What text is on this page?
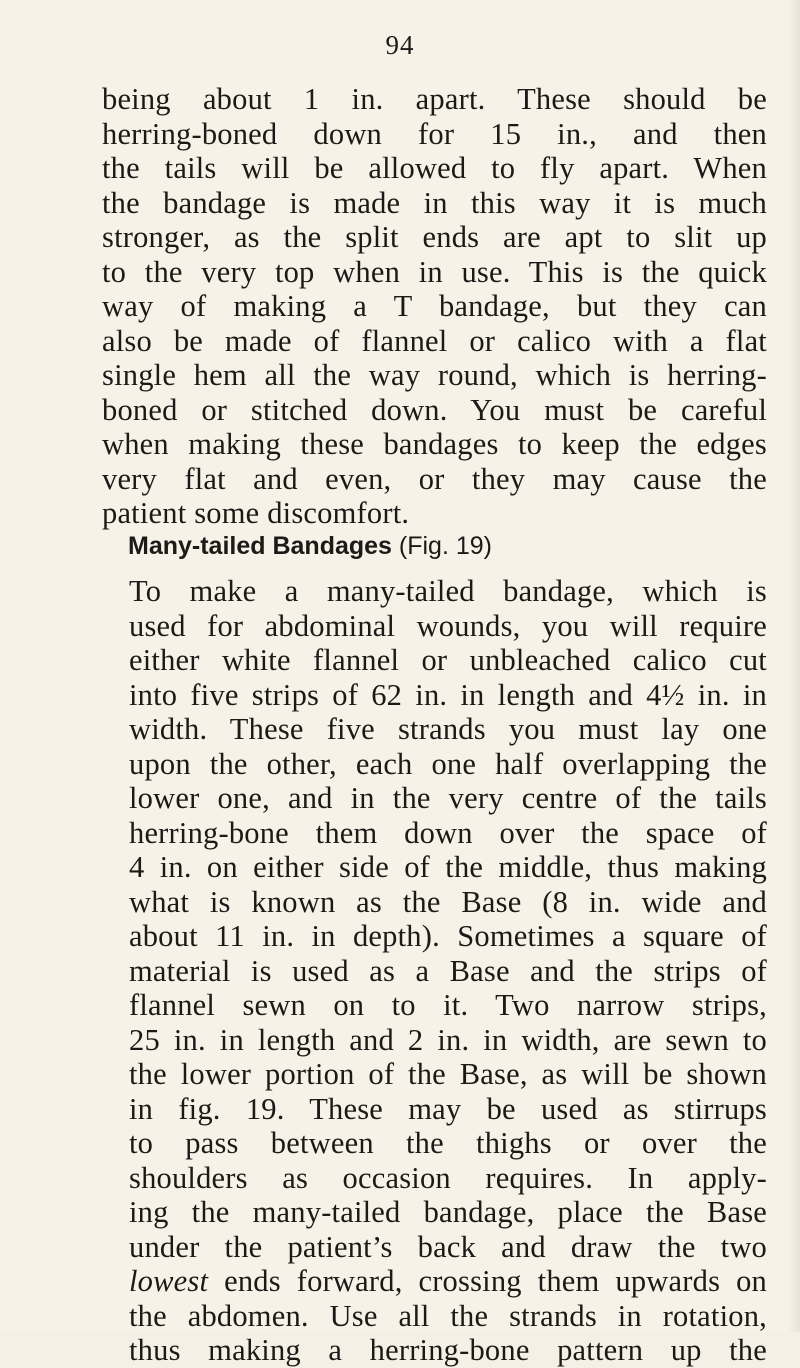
94
being about 1 in. apart. These should be
herring-boned down for 15 in., and then
the tails will be allowed to fly apart. When
the bandage is made in this way it is much
stronger, as the split ends are apt to slit up
to the very top when in use. This is the quick
way of making a T bandage, but they can
also be made of flannel or calico with a flat
single hem all the way round, which is herring-
boned or stitched down. You must be careful
when making these bandages to keep the edges
very flat and even, or they may cause the
patient some discomfort.
Many-tailed Bandages (Fig. 19)
To make a many-tailed bandage, which is
used for abdominal wounds, you will require
either white flannel or unbleached calico cut
into five strips of 62 in. in length and 4½ in. in
width. These five strands you must lay one
upon the other, each one half overlapping the
lower one, and in the very centre of the tails
herring-bone them down over the space of
4 in. on either side of the middle, thus making
what is known as the Base (8 in. wide and
about 11 in. in depth). Sometimes a square of
material is used as a Base and the strips of
flannel sewn on to it. Two narrow strips,
25 in. in length and 2 in. in width, are sewn to
the lower portion of the Base, as will be shown
in fig. 19. These may be used as stirrups
to pass between the thighs or over the
shoulders as occasion requires. In apply-
ing the many-tailed bandage, place the Base
under the patient’s back and draw the two
lowest ends forward, crossing them upwards on
the abdomen. Use all the strands in rotation,
thus making a herring-bone pattern up the
